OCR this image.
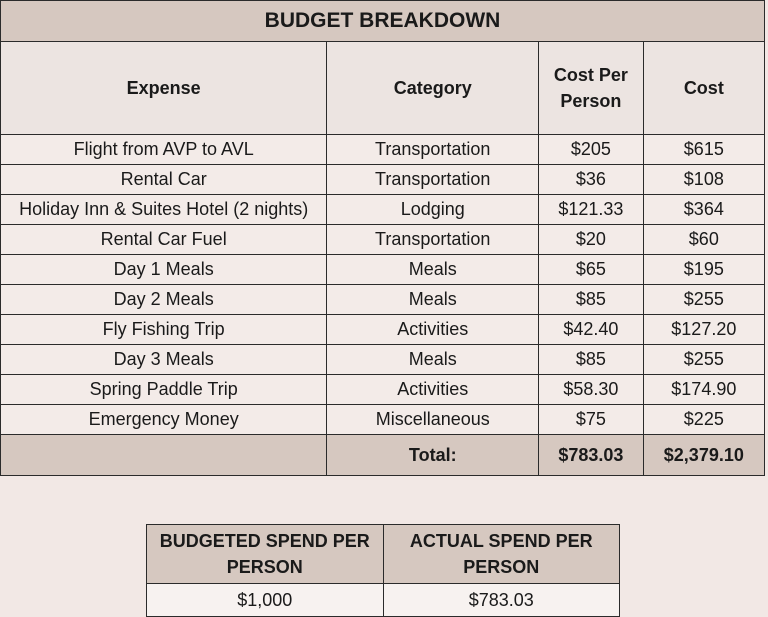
BUDGET BREAKDOWN			
Expense	Category	Cost Per Person	Cost
Flight from AVP to AVL	Transportation	$205	$615
Rental Car	Transportation	$36	$108
Holiday Inn & Suites Hotel (2 nights)	Lodging	$121.33	$364
Rental Car Fuel	Transportation	$20	$60
Day 1 Meals	Meals	$65	$195
Day 2 Meals	Meals	$85	$255
Fly Fishing Trip	Activities	$42.40	$127.20
Day 3 Meals	Meals	$85	$255
Spring Paddle Trip	Activities	$58.30	$174.90
Emergency Money	Miscellaneous	$75	$225
	Total:	$783.03	$2,379.10
BUDGETED SPEND PER PERSON	ACTUAL SPEND PER PERSON
$1,000	$783.03
